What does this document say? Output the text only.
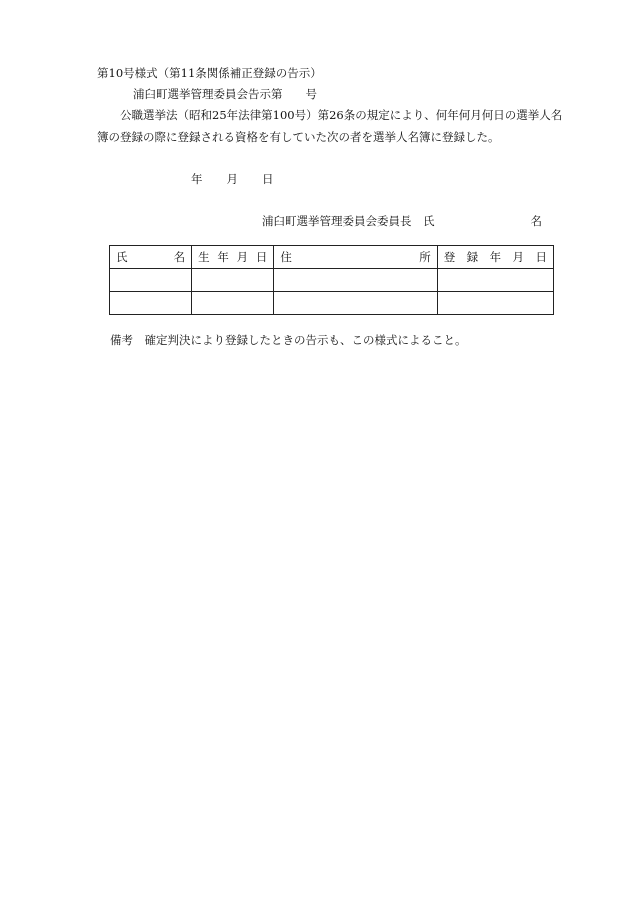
第10号様式（第11条関係補正登録の告示）
浦臼町選挙管理委員会告示第　　号
公職選挙法（昭和25年法律第100号）第26条の規定により、何年何月何日の選挙人名
簿の登録の際に登録される資格を有していた次の者を選挙人名簿に登録した。
年 月 日
浦臼町選挙管理委員会委員長　氏	名
氏 名	生 年 月 日	住 所	登 録 年 月 日

備考　確定判決により登録したときの告示も、この様式によること。
